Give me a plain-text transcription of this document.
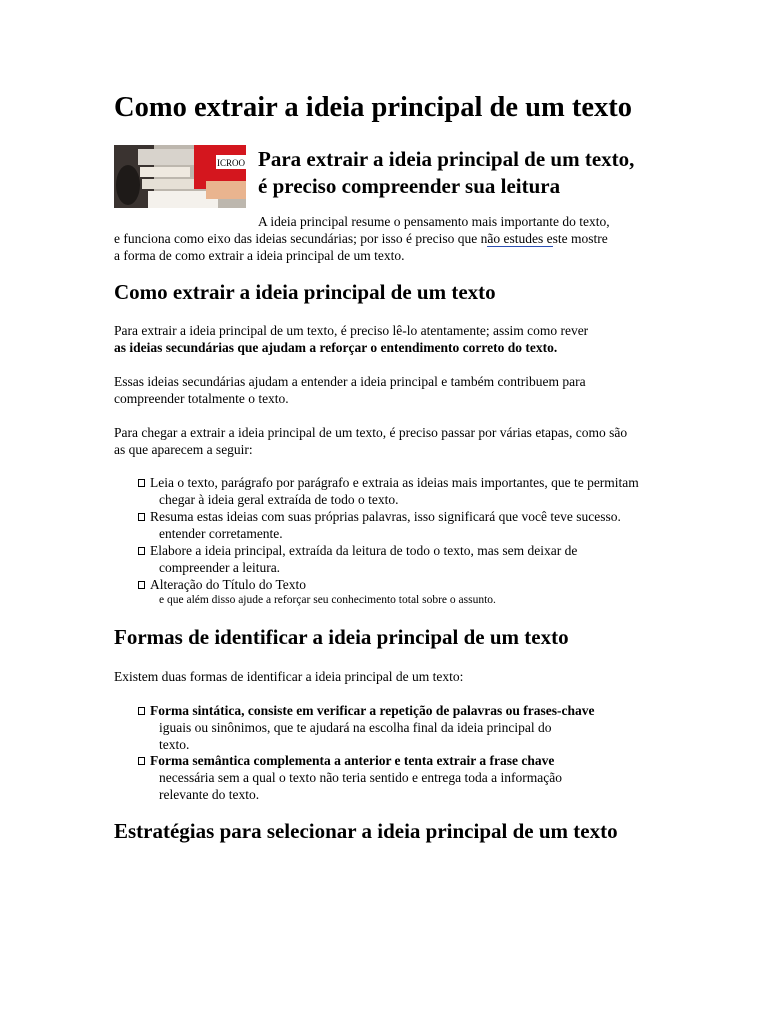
Como extrair a ideia principal de um texto
ICROO Para extrair a ideia principal de um texto,
é preciso compreender sua leitura
A ideia principal resume o pensamento mais importante do texto,
e funciona como eixo das ideias secundárias; por isso é preciso que não estudes este mostre
a forma de como extrair a ideia principal de um texto.
Como extrair a ideia principal de um texto
Para extrair a ideia principal de um texto, é preciso lê-lo atentamente; assim como rever
as ideias secundárias que ajudam a reforçar o entendimento correto do texto.
Essas ideias secundárias ajudam a entender a ideia principal e também contribuem para
compreender totalmente o texto.
Para chegar a extrair a ideia principal de um texto, é preciso passar por várias etapas, como são
as que aparecem a seguir:
Leia o texto, parágrafo por parágrafo e extraia as ideias mais importantes, que te permitam
chegar à ideia geral extraída de todo o texto.
Resuma estas ideias com suas próprias palavras, isso significará que você teve sucesso.
entender corretamente.
Elabore a ideia principal, extraída da leitura de todo o texto, mas sem deixar de
compreender a leitura.
Alteração do Título do Texto
e que além disso ajude a reforçar seu conhecimento total sobre o assunto.
Formas de identificar a ideia principal de um texto
Existem duas formas de identificar a ideia principal de um texto:
Forma sintática, consiste em verificar a repetição de palavras ou frases-chave
iguais ou sinônimos, que te ajudará na escolha final da ideia principal do
texto.
Forma semântica complementa a anterior e tenta extrair a frase chave
necessária sem a qual o texto não teria sentido e entrega toda a informação
relevante do texto.
Estratégias para selecionar a ideia principal de um texto
